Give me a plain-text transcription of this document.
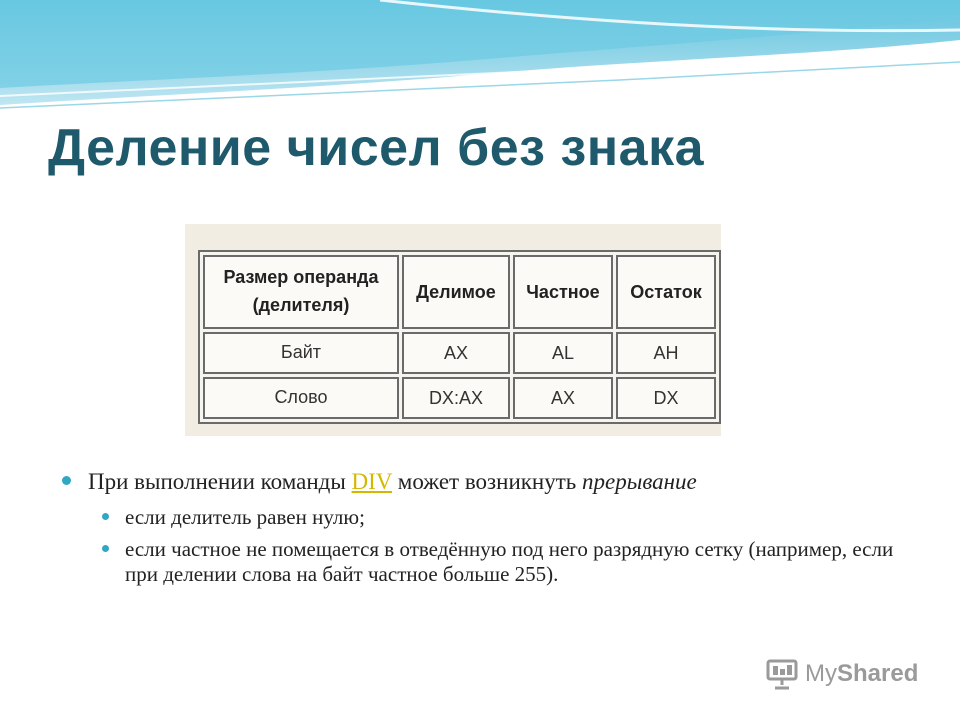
Деление чисел без знака
Размер операнда
(делителя)	Делимое	Частное	Остаток
Байт	AX	AL	AH
Слово	DX:AX	AX	DX
При выполнении команды DIV может возникнуть прерывание
если делитель равен нулю;
если частное не помещается в отведённую под него разрядную сетку (например, если при делении слова на байт частное больше 255).
MyShared
